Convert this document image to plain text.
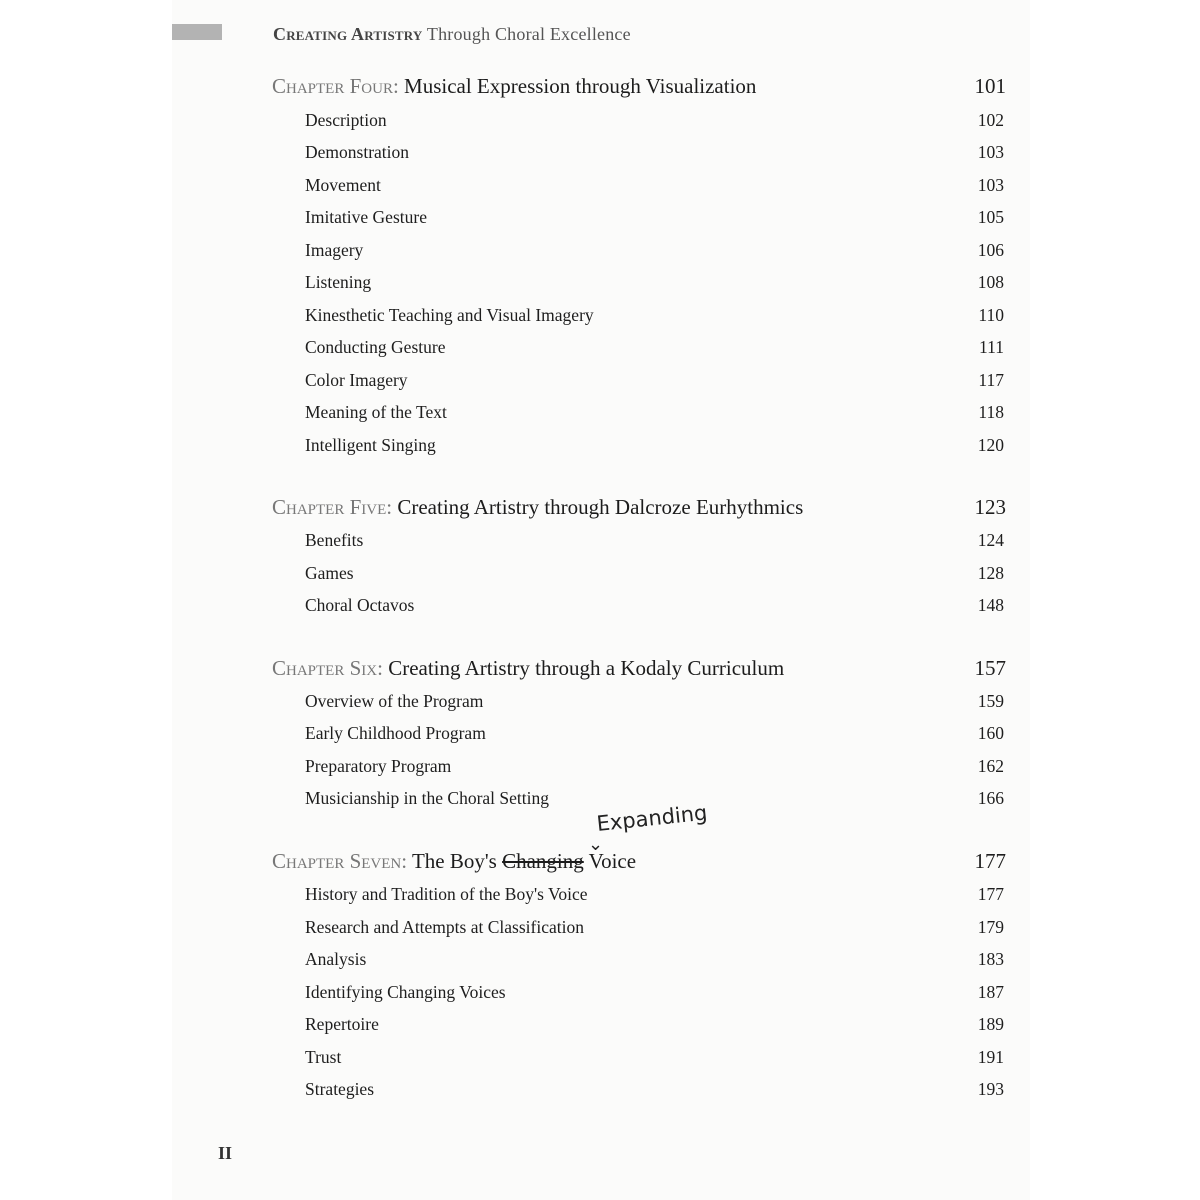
Creating Artistry Through Choral Excellence
Chapter Four: Musical Expression through Visualization	101
Description	102
Demonstration	103
Movement	103
Imitative Gesture	105
Imagery	106
Listening	108
Kinesthetic Teaching and Visual Imagery	110
Conducting Gesture	111
Color Imagery	117
Meaning of the Text	118
Intelligent Singing	120
Chapter Five: Creating Artistry through Dalcroze Eurhythmics	123
Benefits	124
Games	128
Choral Octavos	148
Chapter Six: Creating Artistry through a Kodaly Curriculum	157
Overview of the Program	159
Early Childhood Program	160
Preparatory Program	162
Musicianship in the Choral Setting	166
Chapter Seven: The Boy's Changing Voice	177
Expanding
⌄
History and Tradition of the Boy's Voice	177
Research and Attempts at Classification	179
Analysis	183
Identifying Changing Voices	187
Repertoire	189
Trust	191
Strategies	193
II
